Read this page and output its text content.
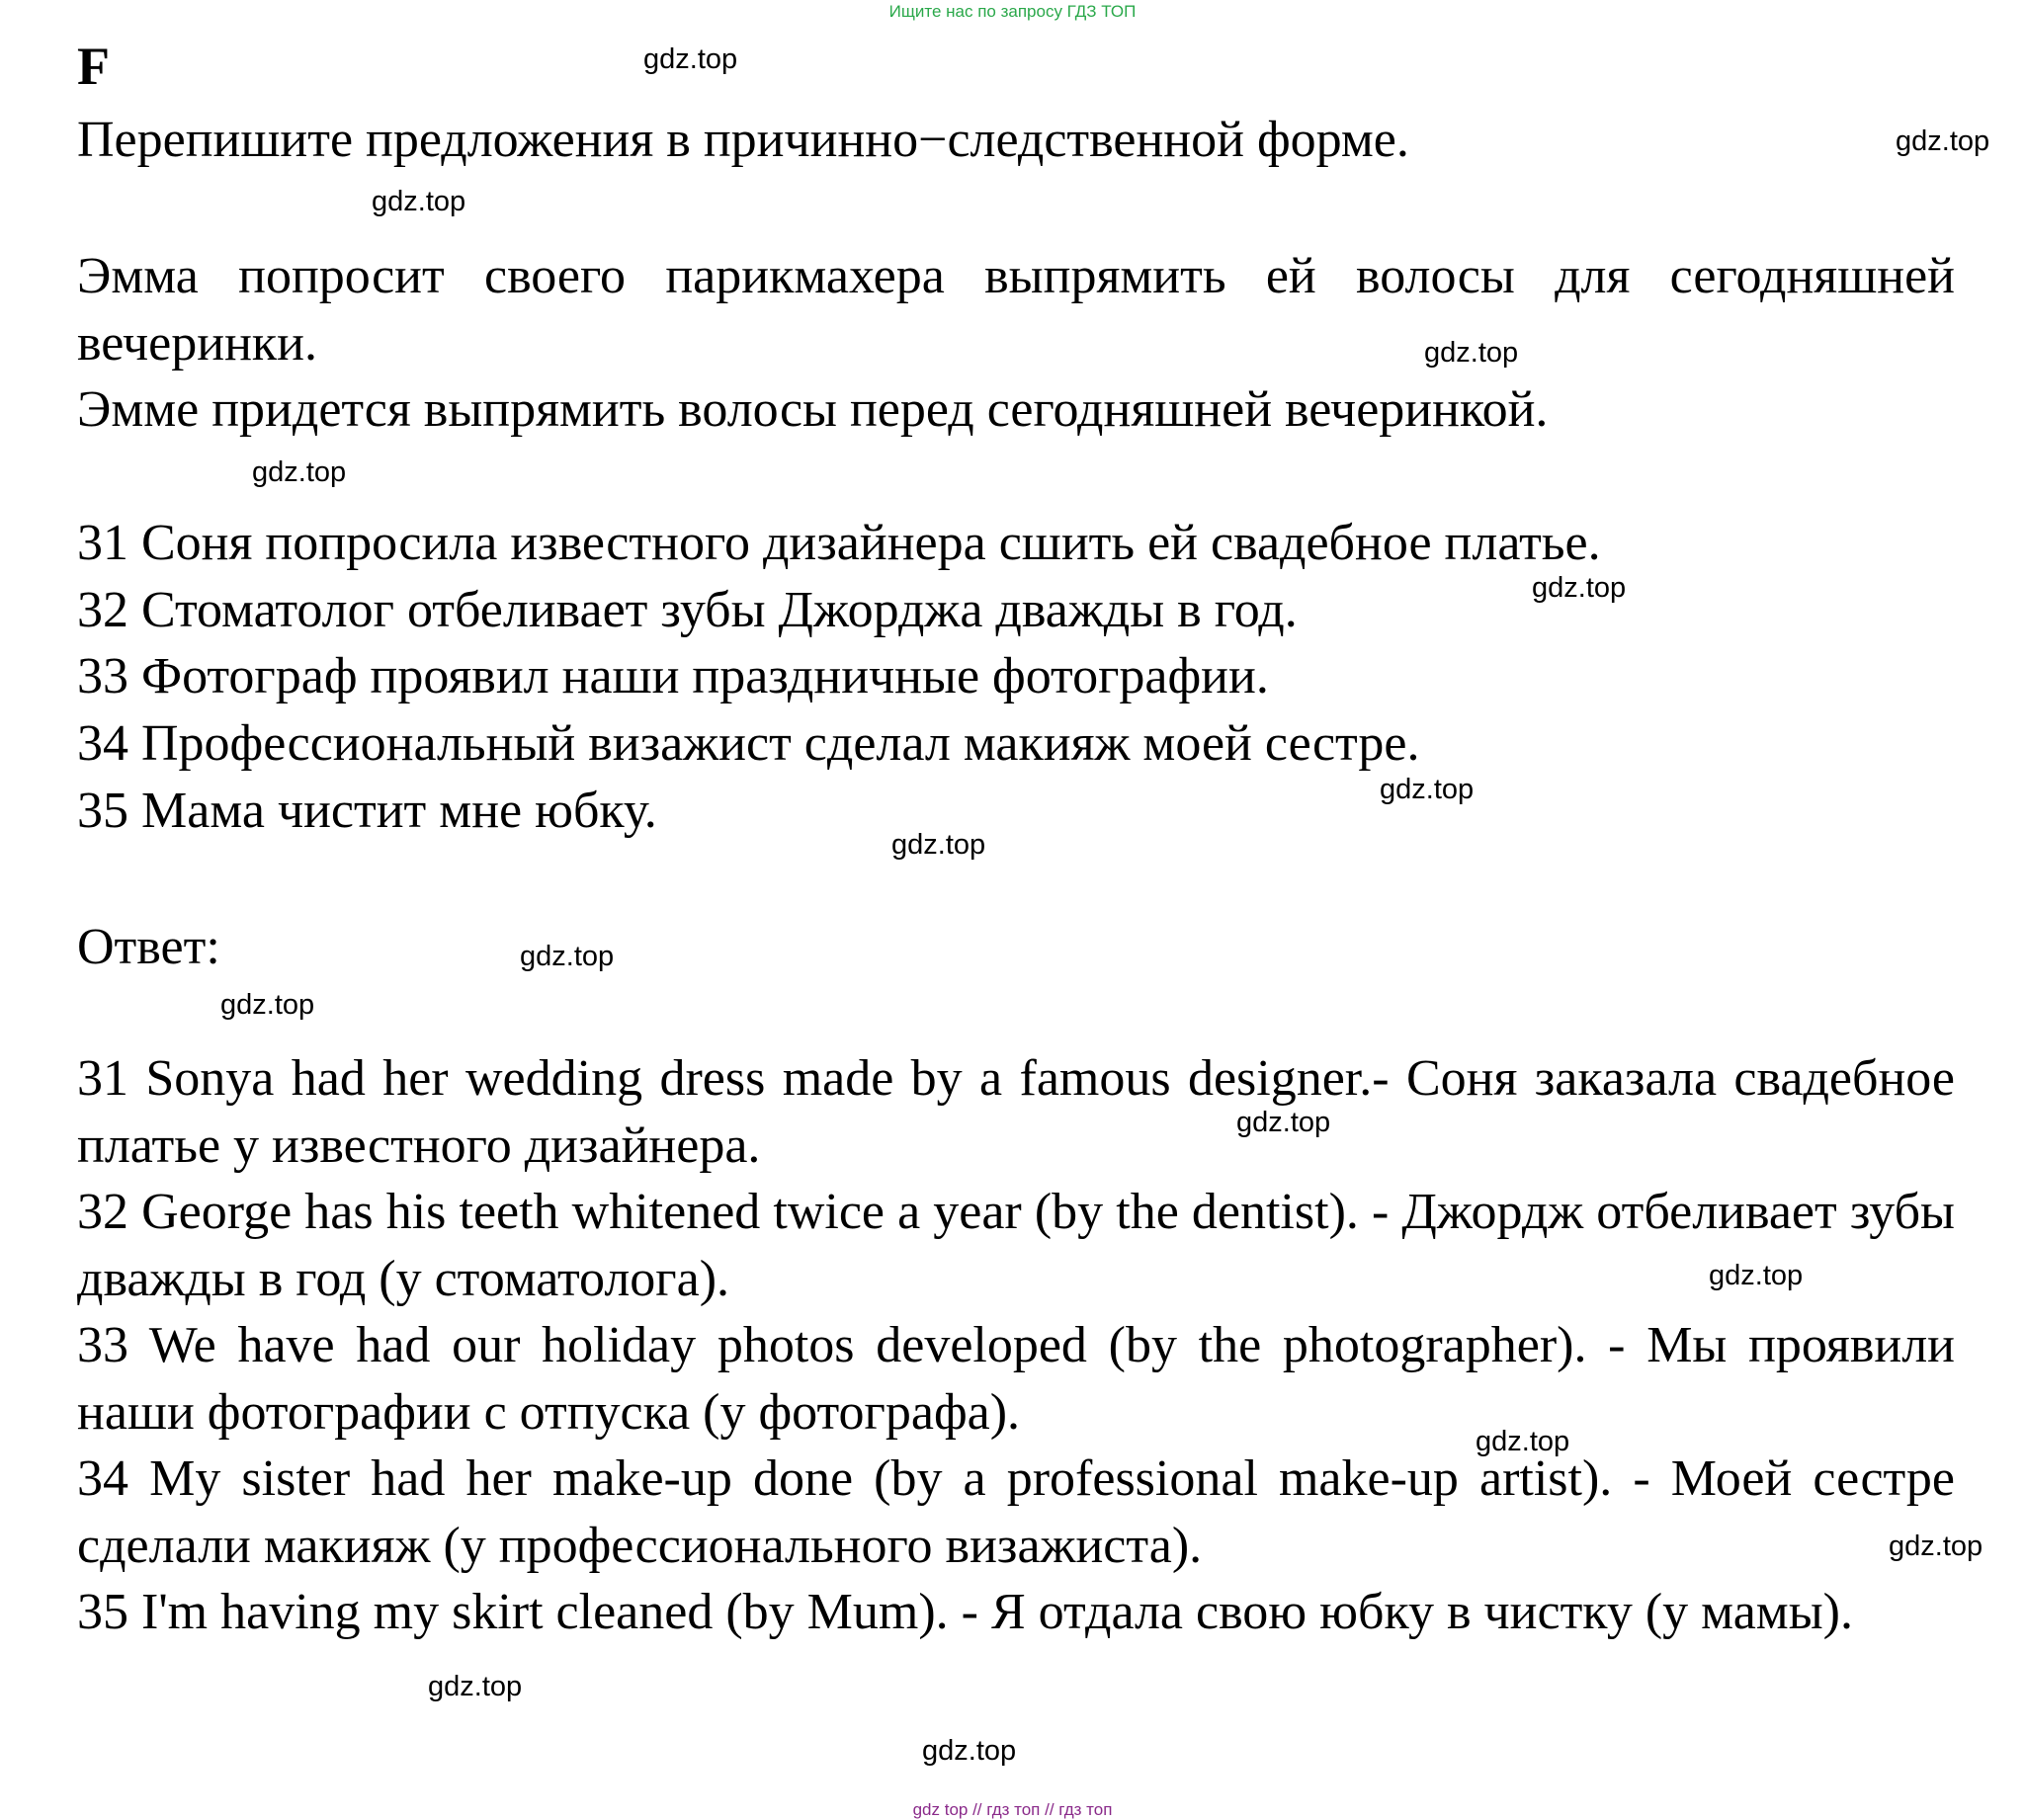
Ищите нас по запросу ГДЗ ТОП
F
Перепишите предложения в причинно−следственной форме.
Эмма попросит своего парикмахера выпрямить ей волосы для сегодняшней вечеринки.
Эмме придется выпрямить волосы перед сегодняшней вечеринкой.
31 Соня попросила известного дизайнера сшить ей свадебное платье.
32 Стоматолог отбеливает зубы Джорджа дважды в год.
33 Фотограф проявил наши праздничные фотографии.
34 Профессиональный визажист сделал макияж моей сестре.
35 Мама чистит мне юбку.
Ответ:
31 Sonya had her wedding dress made by a famous designer.- Соня заказала свадебное платье у известного дизайнера.
32 George has his teeth whitened twice a year (by the dentist). - Джордж отбеливает зубы дважды в год (у стоматолога).
33 We have had our holiday photos developed (by the photographer). - Мы проявили наши фотографии с отпуска (у фотографа).
34 My sister had her make-up done (by a professional make-up artist). - Моей сестре сделали макияж (у профессионального визажиста).
35 I'm having my skirt cleaned (by Mum). - Я отдала свою юбку в чистку (у мамы).
gdz.top
gdz.top
gdz.top
gdz.top
gdz.top
gdz.top
gdz.top
gdz.top
gdz.top
gdz.top
gdz.top
gdz.top
gdz.top
gdz.top
gdz.top
gdz.top
gdz top // гдз топ // гдз топ
